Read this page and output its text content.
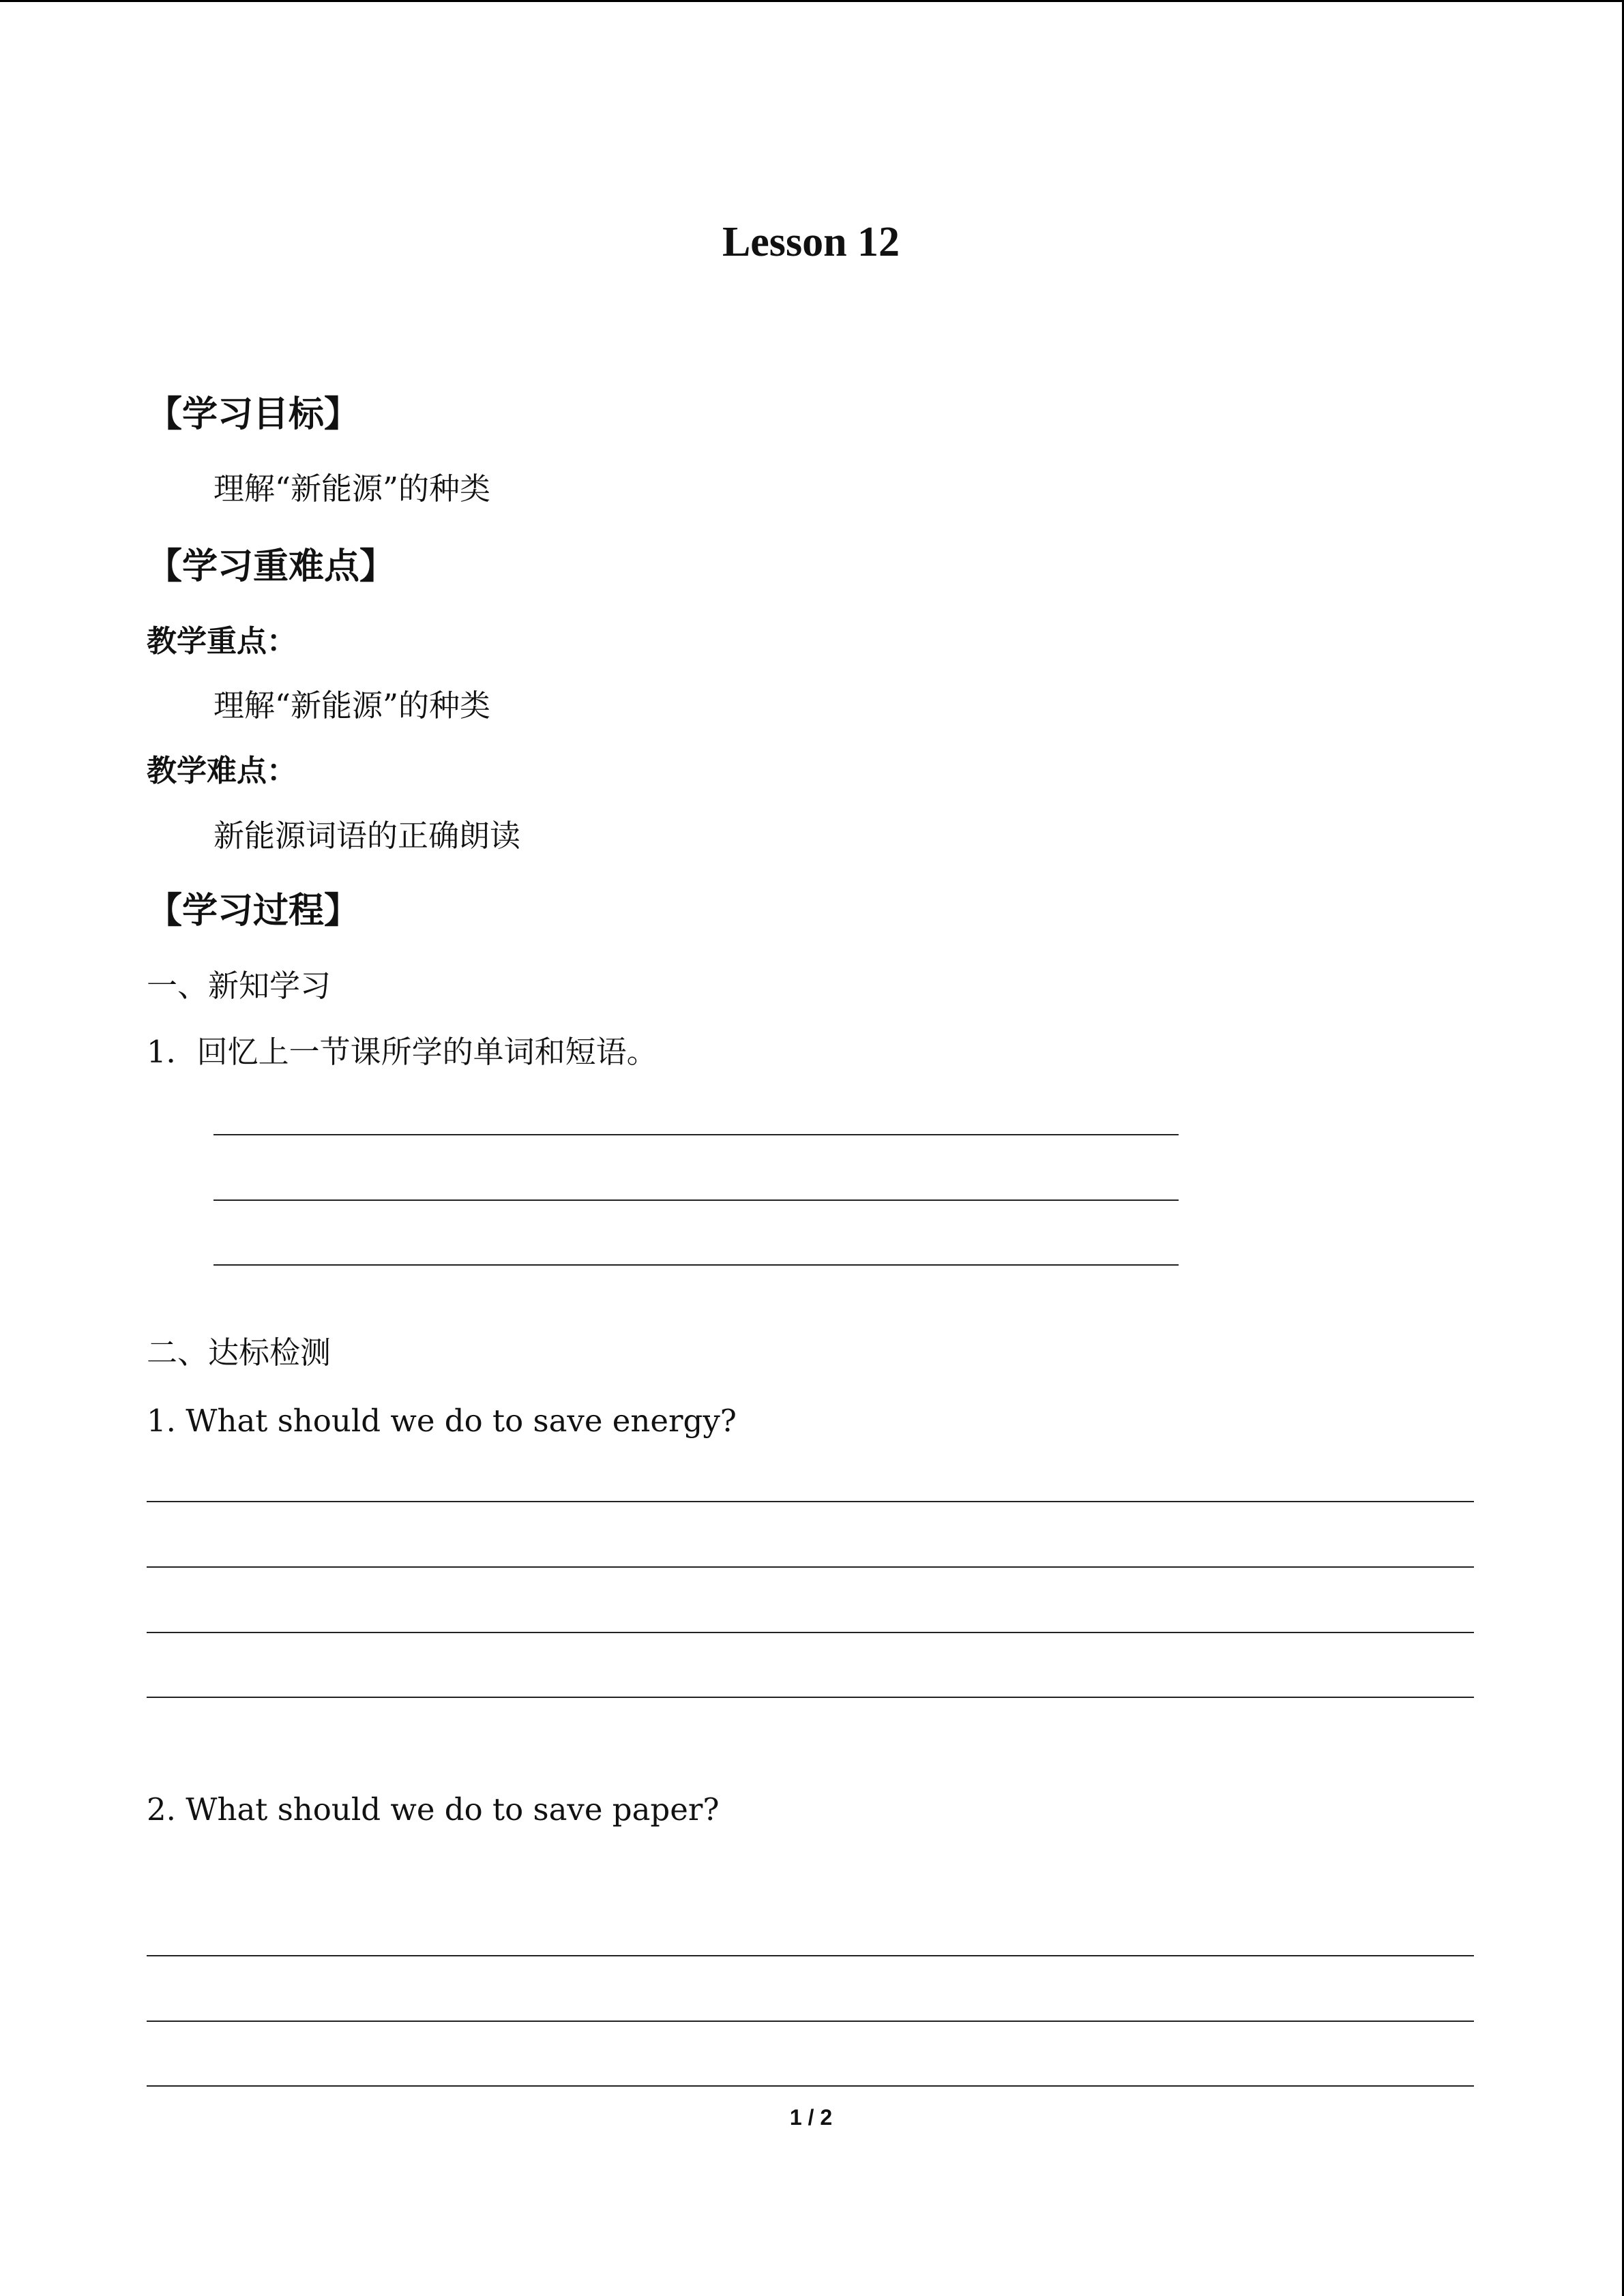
Lesson 12
【学习目标】
理解“新能源”的种类
【学习重难点】
教学重点：
理解“新能源”的种类
教学难点：
新能源词语的正确朗读
【学习过程】
一、新知学习
1．回忆上一节课所学的单词和短语。
二、达标检测
1. What should we do to save energy?
2. What should we do to save paper?
1 / 2
